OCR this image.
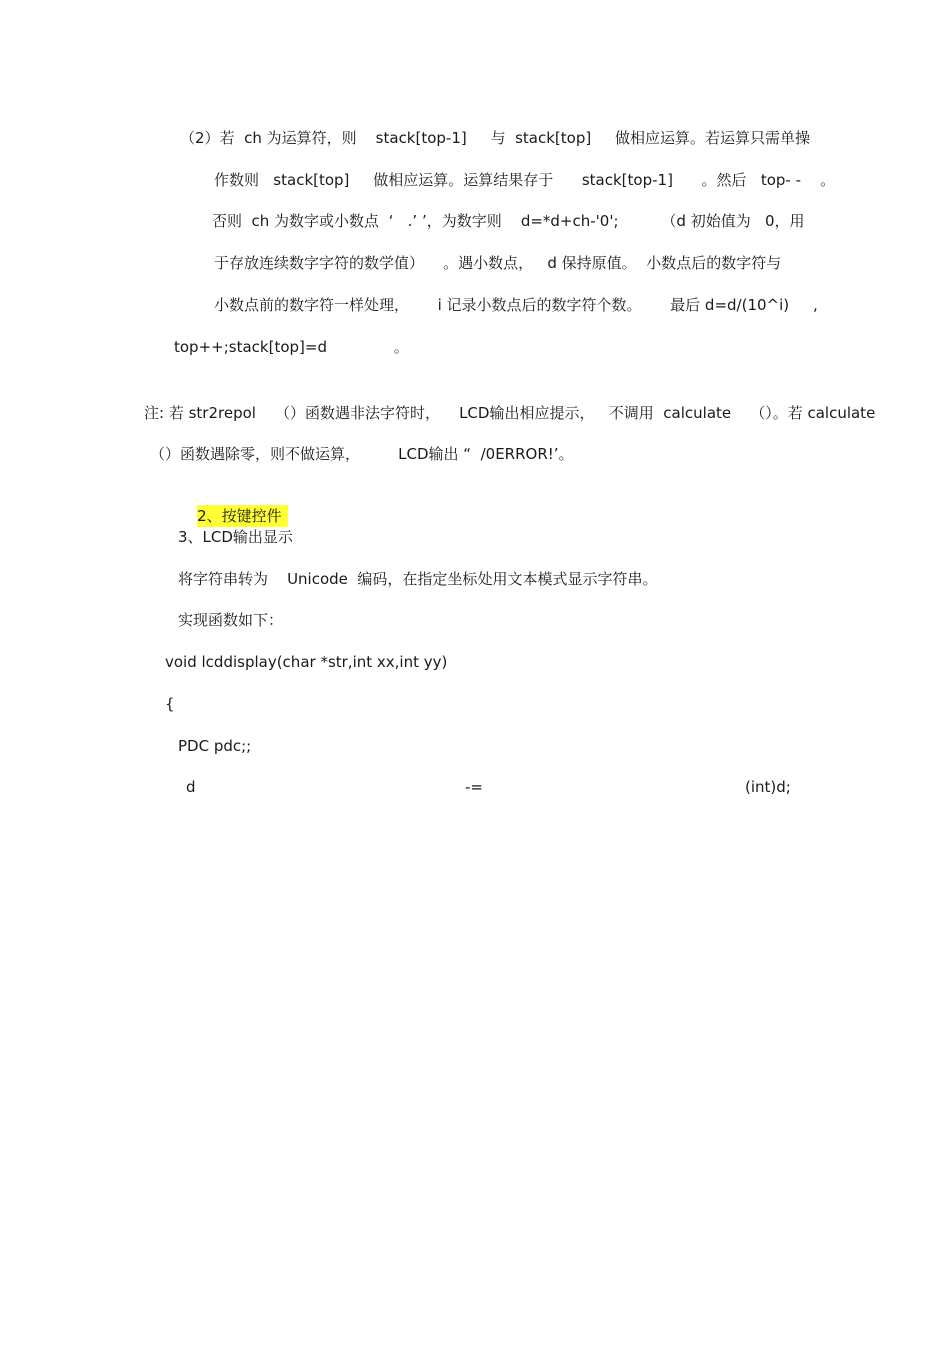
（2）若  ch 为运算符，则    stack[top-1]     与  stack[top]     做相应运算。若运算只需单操
作数则   stack[top]     做相应运算。运算结果存于      stack[top-1]      。然后   top- -    。
否则  ch 为数字或小数点  ‘   .’ ’，为数字则    d=*d+ch-'0';         （d 初始值为   0，用
于存放连续数字字符的数学值）    。遇小数点，   d 保持原值。  小数点后的数字符与
小数点前的数字符一样处理，      i 记录小数点后的数字符个数。      最后 d=d/(10^i)     ,
top++;stack[top]=d              。
注: 若 str2repol    （）函数遇非法字符时，    LCD输出相应提示，   不调用  calculate    （）。若 calculate
（）函数遇除零，则不做运算，        LCD输出 “  /0ERROR!’。

2、按键控件

3、LCD输出显示
将字符串转为    Unicode  编码，在指定坐标处用文本模式显示字符串。
实现函数如下：
void lcddisplay(char *str,int xx,int yy)
{
PDC pdc;;
d	-=	(int)d;
